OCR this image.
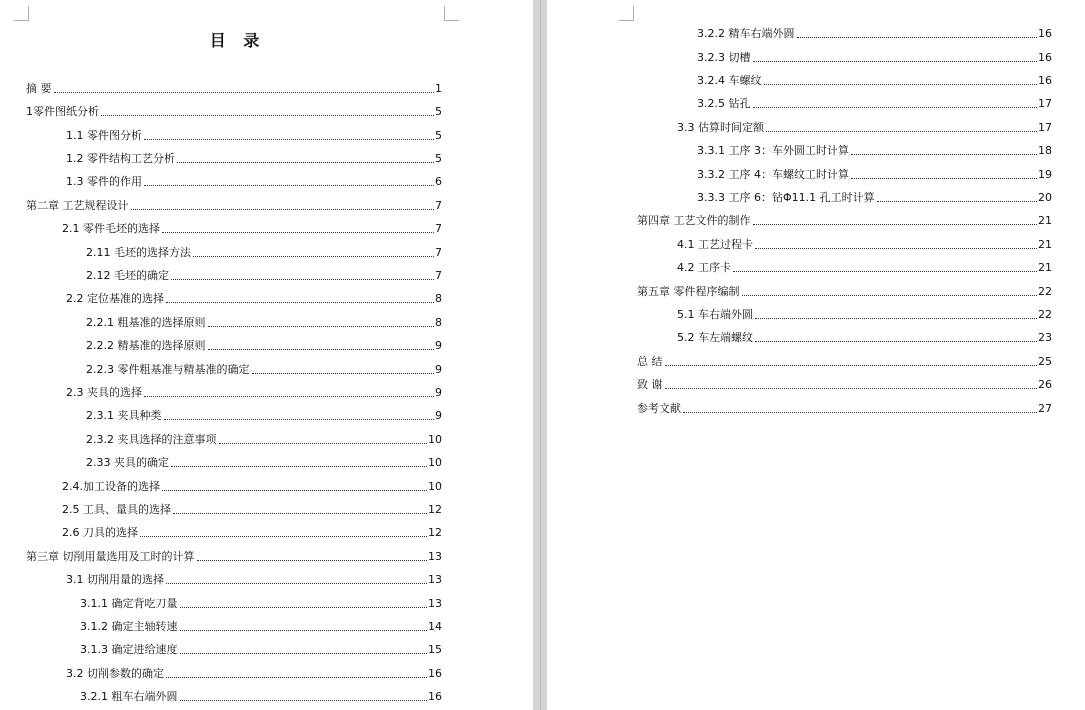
目 录
摘 要	1
1零件图纸分析	5
1.1 零件图分析	5
1.2 零件结构工艺分析	5
1.3 零件的作用	6
第二章 工艺规程设计	7
2.1 零件毛坯的选择	7
2.11 毛坯的选择方法	7
2.12 毛坯的确定	7
2.2 定位基准的选择	8
2.2.1 粗基准的选择原则	8
2.2.2 精基准的选择原则	9
2.2.3 零件粗基准与精基准的确定	9
2.3 夹具的选择	9
2.3.1 夹具种类	9
2.3.2 夹具选择的注意事项	10
2.33 夹具的确定	10
2.4.加工设备的选择	10
2.5 工具、量具的选择	12
2.6 刀具的选择	12
第三章 切削用量选用及工时的计算	13
3.1 切削用量的选择	13
3.1.1 确定背吃刀量	13
3.1.2 确定主轴转速	14
3.1.3 确定进给速度	15
3.2 切削参数的确定	16
3.2.1 粗车右端外圆	16
3.2.2 精车右端外圆	16
3.2.3 切槽	16
3.2.4 车螺纹	16
3.2.5 钻孔	17
3.3 估算时间定额	17
3.3.1 工序 3：车外圆工时计算	18
3.3.2 工序 4：车螺纹工时计算	19
3.3.3 工序 6：钻Φ11.1 孔工时计算	20
第四章 工艺文件的制作	21
4.1 工艺过程卡	21
4.2 工序卡	21
第五章 零件程序编制	22
5.1 车右端外圆	22
5.2 车左端螺纹	23
总 结	25
致 谢	26
参考文献	27
